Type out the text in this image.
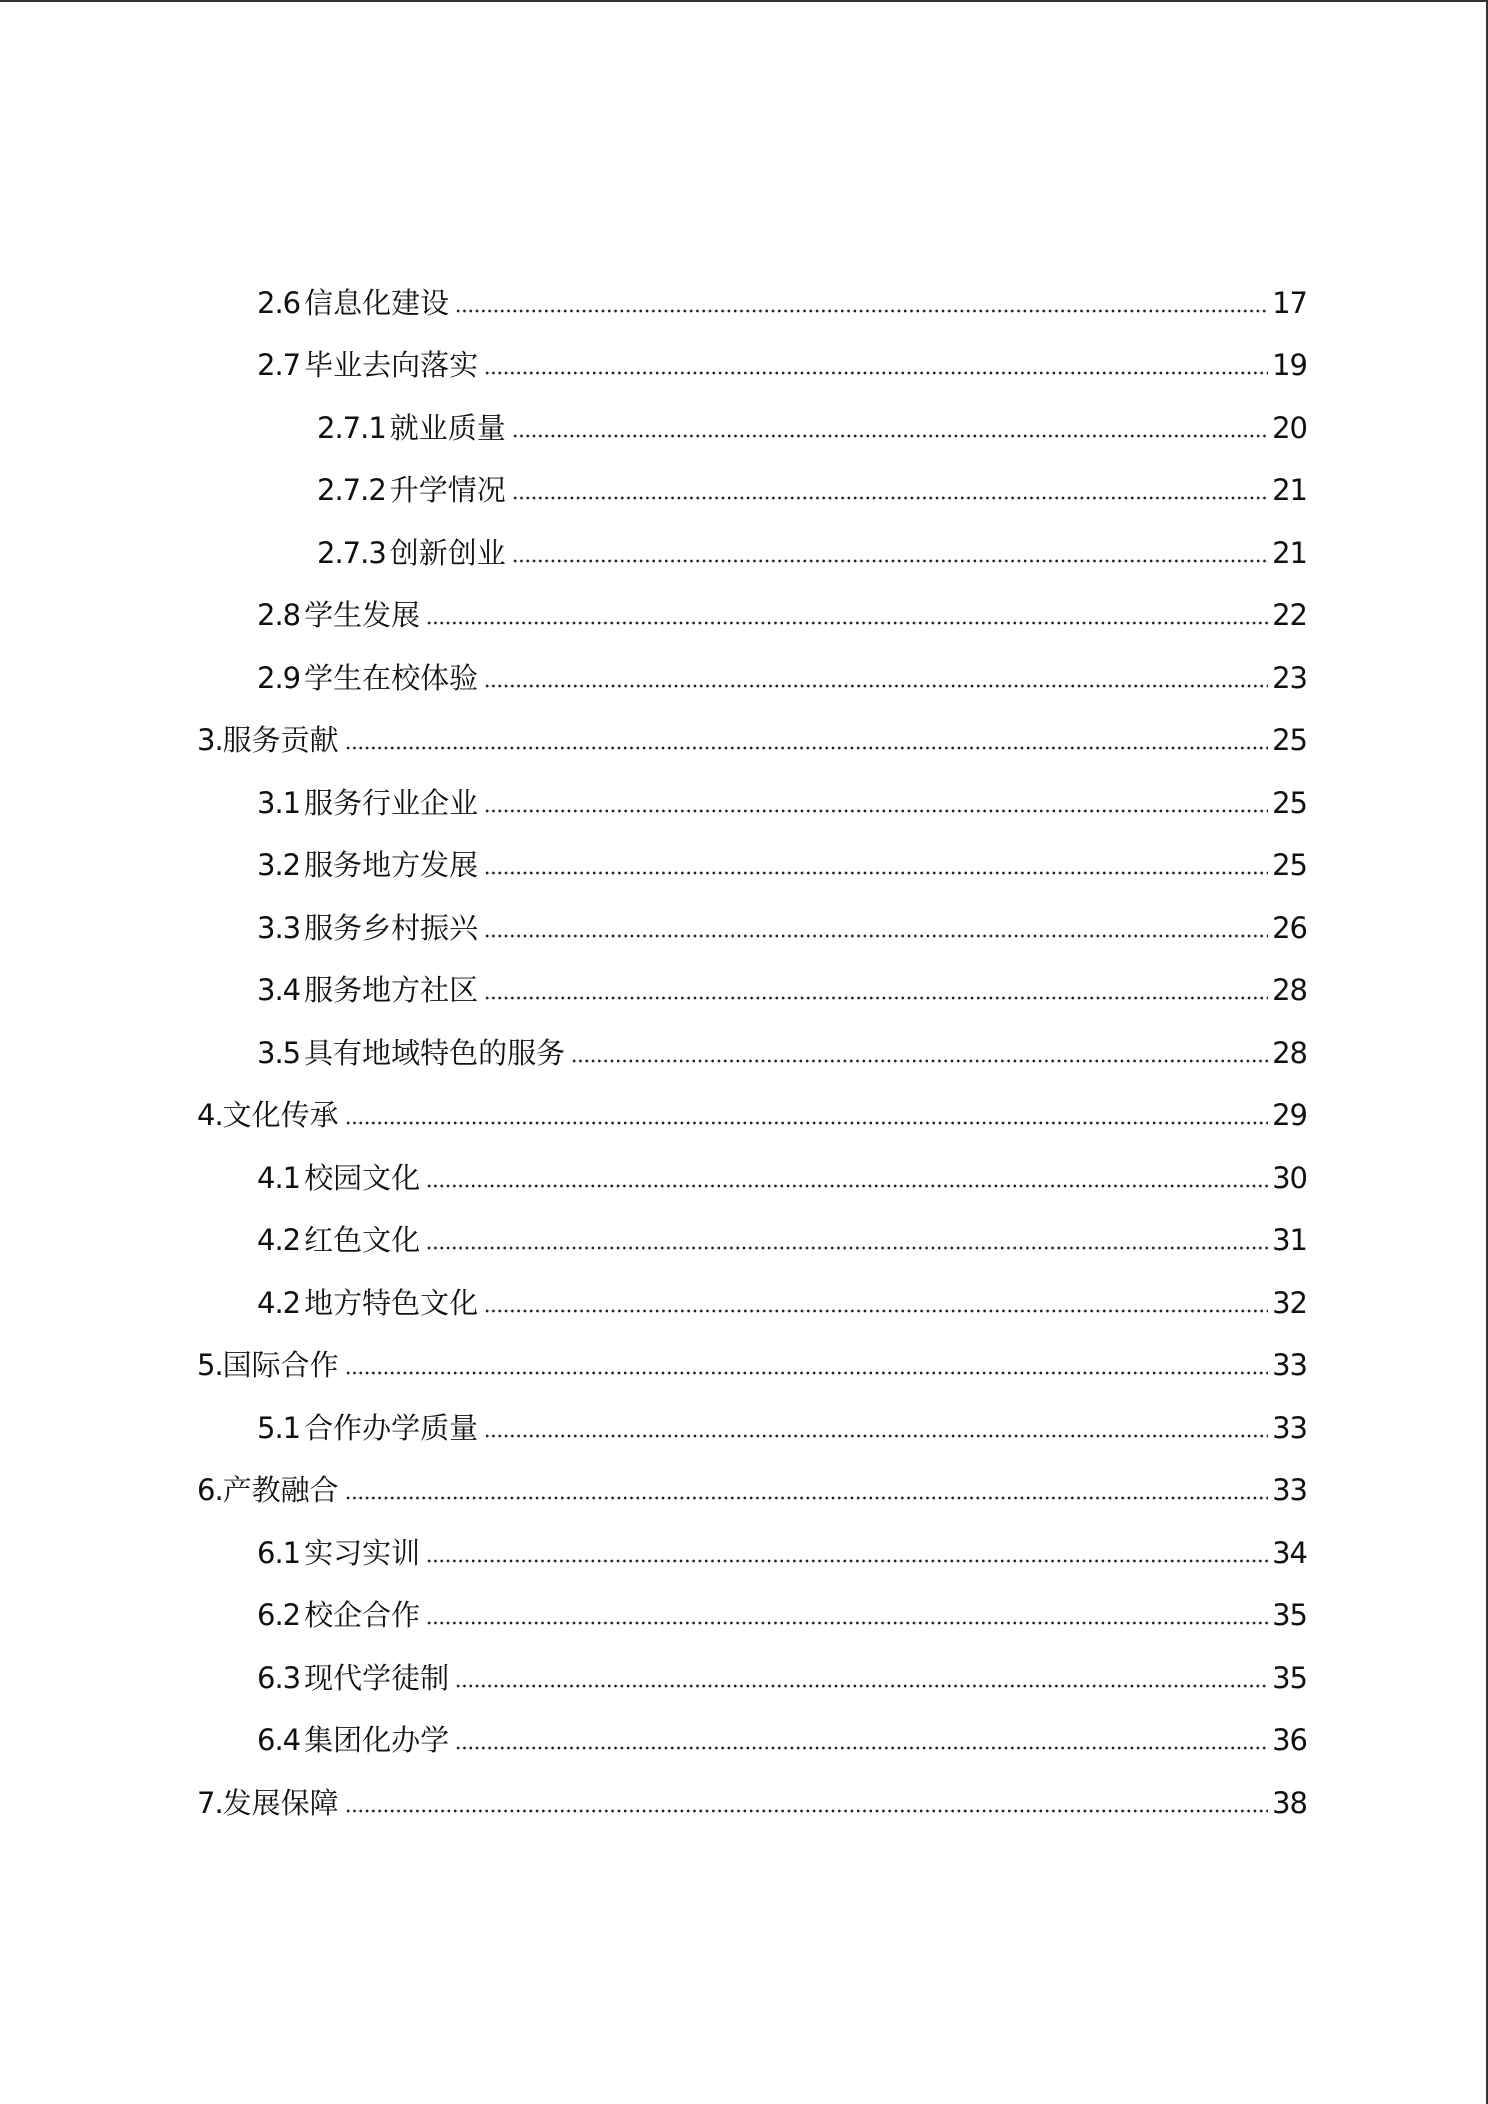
2.6 信息化建设	17
2.7 毕业去向落实	19
2.7.1 就业质量	20
2.7.2 升学情况	21
2.7.3 创新创业	21
2.8 学生发展	22
2.9 学生在校体验	23
3.服务贡献	25
3.1 服务行业企业	25
3.2 服务地方发展	25
3.3 服务乡村振兴	26
3.4 服务地方社区	28
3.5 具有地域特色的服务	28
4.文化传承	29
4.1 校园文化	30
4.2 红色文化	31
4.2 地方特色文化	32
5.国际合作	33
5.1 合作办学质量	33
6.产教融合	33
6.1 实习实训	34
6.2 校企合作	35
6.3 现代学徒制	35
6.4 集团化办学	36
7.发展保障	38
